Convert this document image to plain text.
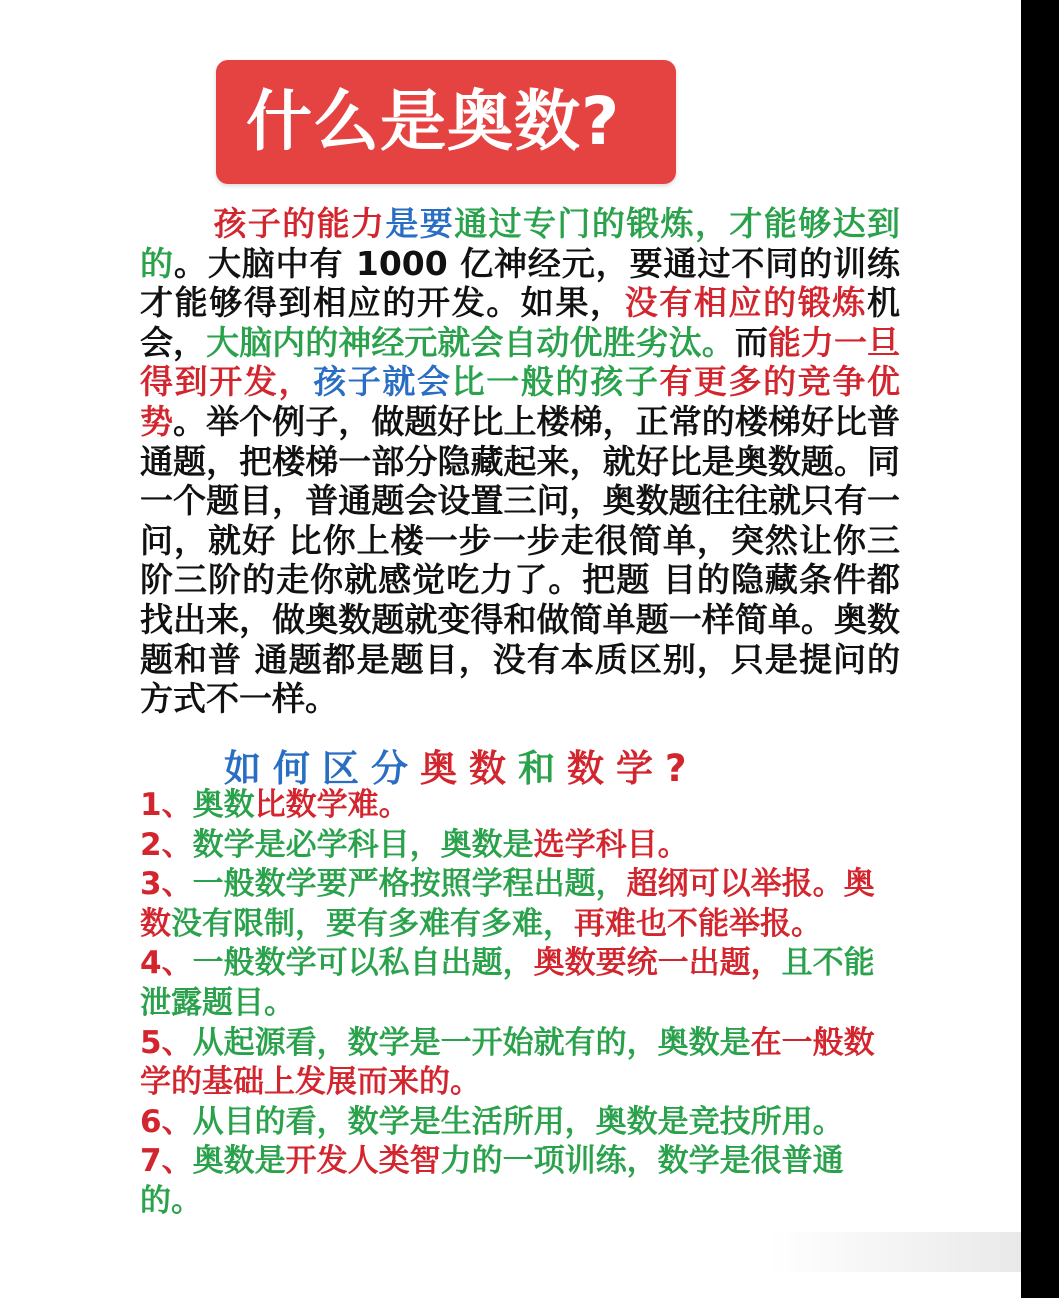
什么是奥数?
孩子的能力是要通过专门的锻炼，才能够达到的。大脑中有 1000 亿神经元，要通过不同的训练才能够得到相应的开发。如果，没有相应的锻炼机会，大脑内的神经元就会自动优胜劣汰。而能力一旦得到开发，孩子就会比一般的孩子有更多的竞争优势。举个例子，做题好比上楼梯，正常的楼梯好比普通题，把楼梯一部分隐藏起来，就好比是奥数题。同一个题目，普通题会设置三问，奥数题往往就只有一问，就好 比你上楼一步一步走很简单，突然让你三阶三阶的走你就感觉吃力了。把题 目的隐藏条件都找出来，做奥数题就变得和做简单题一样简单。奥数题和普 通题都是题目，没有本质区别，只是提问的方式不一样。
如何区分奥数和数学?

1、奥数比数学难。

2、数学是必学科目，奥数是选学科目。

3、一般数学要严格按照学程出题，超纲可以举报。奥数没有限制，要有多难有多难，再难也不能举报。

4、一般数学可以私自出题，奥数要统一出题，且不能泄露题目。

5、从起源看，数学是一开始就有的，奥数是在一般数学的基础上发展而来的。

6、从目的看，数学是生活所用，奥数是竞技所用。

7、奥数是开发人类智力的一项训练，数学是很普通的。
